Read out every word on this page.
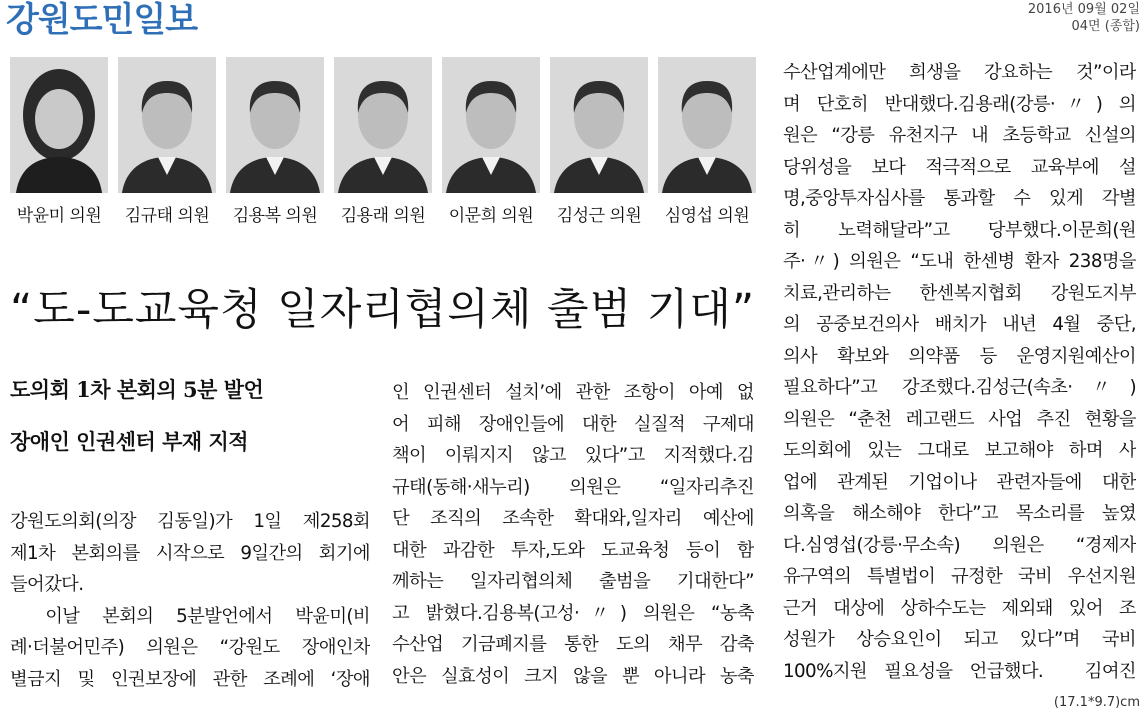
강원도민일보	2016년 09월 02일
04면 (종합)
박윤미 의원	김규태 의원	김용복 의원	김용래 의원	이문희 의원	김성근 의원	심영섭 의원
“도-도교육청 일자리협의체 출범 기대”
도의회 1차 본회의 5분 발언
장애인 인권센터 부재 지적
강원도의회(의장 김동일)가 1일 제258회
제1차 본회의를 시작으로 9일간의 회기에
들어갔다.
　이날 본회의 5분발언에서 박윤미(비
례·더불어민주) 의원은 “강원도 장애인차
별금지 및 인권보장에 관한 조례에 ‘장애
인 인권센터 설치’에 관한 조항이 아예 없
어 피해 장애인들에 대한 실질적 구제대
책이 이뤄지지 않고 있다”고 지적했다.김
규태(동해·새누리) 의원은 “일자리추진
단 조직의 조속한 확대와,일자리 예산에
대한 과감한 투자,도와 도교육청 등이 함
께하는 일자리협의체 출범을 기대한다”
고 밝혔다.김용복(고성·〃) 의원은 “농축
수산업 기금폐지를 통한 도의 채무 감축
안은 실효성이 크지 않을 뿐 아니라 농축
수산업계에만 희생을 강요하는 것”이라
며 단호히 반대했다.김용래(강릉·〃) 의
원은 “강릉 유천지구 내 초등학교 신설의
당위성을 보다 적극적으로 교육부에 설
명,중앙투자심사를 통과할 수 있게 각별
히 노력해달라”고 당부했다.이문희(원
주·〃) 의원은 “도내 한센병 환자 238명을
치료,관리하는 한센복지협회 강원도지부
의 공중보건의사 배치가 내년 4월 중단,
의사 확보와 의약품 등 운영지원예산이
필요하다”고 강조했다.김성근(속초·〃)
의원은 “춘천 레고랜드 사업 추진 현황을
도의회에 있는 그대로 보고해야 하며 사
업에 관계된 기업이나 관련자들에 대한
의혹을 해소해야 한다”고 목소리를 높였
다.심영섭(강릉·무소속) 의원은 “경제자
유구역의 특별법이 규정한 국비 우선지원
근거 대상에 상하수도는 제외돼 있어 조
성원가 상승요인이 되고 있다”며 국비
100%지원 필요성을 언급했다.　김여진
(17.1*9.7)cm
